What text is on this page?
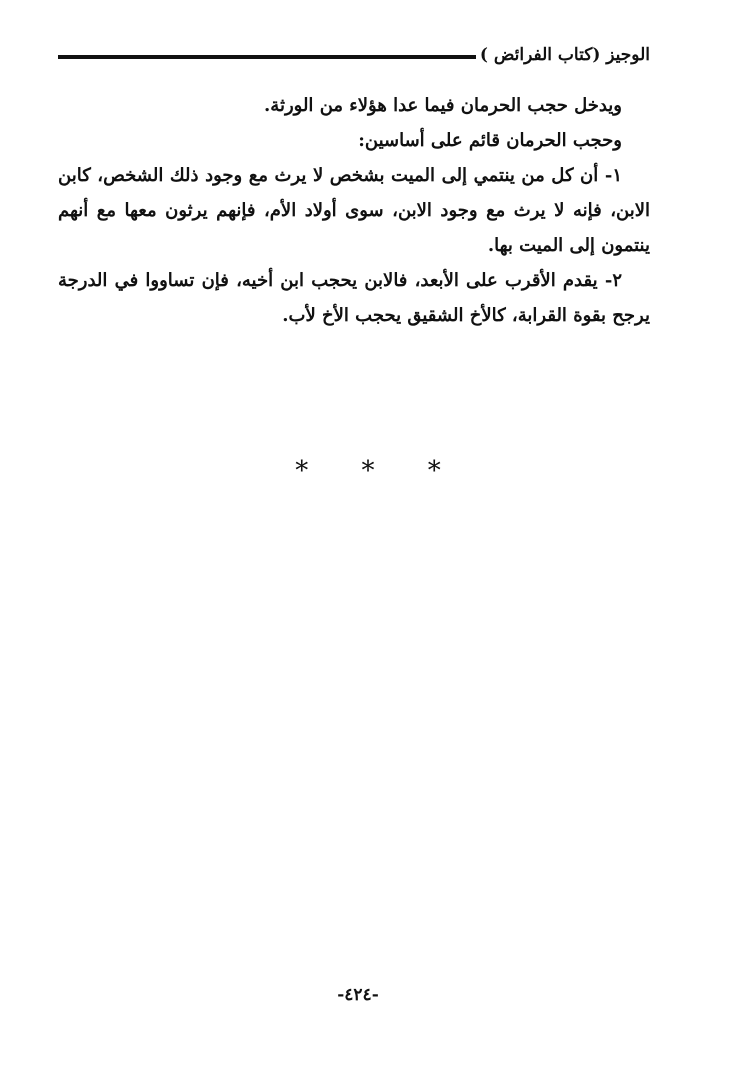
الوجيز (كتاب الفرائض )

ويدخل حجب الحرمان فيما عدا هؤلاء من الورثة.

وحجب الحرمان قائم على أساسين:

١- أن كل من ينتمي إلى الميت بشخص لا يرث مع وجود ذلك الشخص، كابن الابن، فإنه لا يرث مع وجود الابن، سوى أولاد الأم، فإنهم يرثون معها مع أنهم ينتمون إلى الميت بها.

٢- يقدم الأقرب على الأبعد، فالابن يحجب ابن أخيه، فإن تساووا في الدرجة يرجح بقوة القرابة، كالأخ الشقيق يحجب الأخ لأب.

* * *
-٤٢٤-
